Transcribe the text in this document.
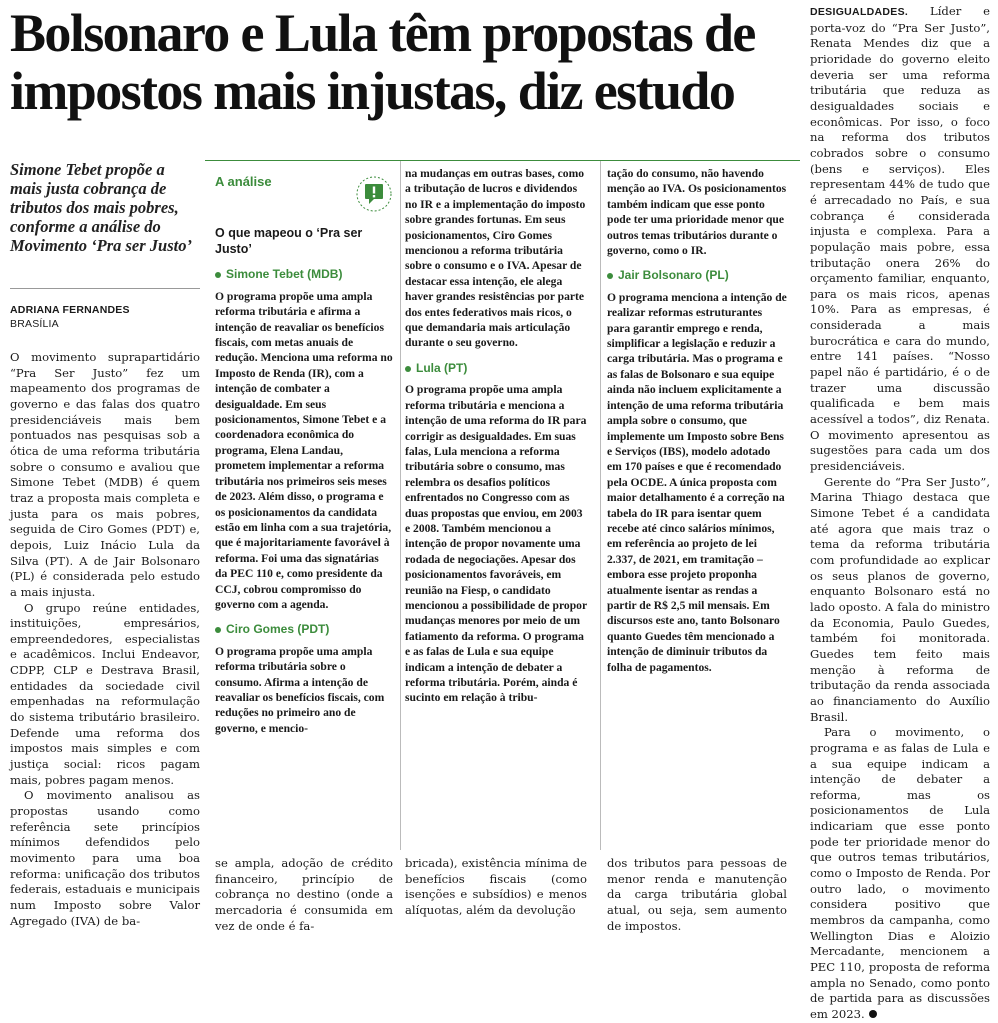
Bolsonaro e Lula têm propostas de impostos mais injustas, diz estudo
Simone Tebet propõe a mais justa cobrança de tributos dos mais pobres, conforme a análise do Movimento ‘Pra ser Justo’
ADRIANA FERNANDES
BRASÍLIA

O movimento suprapartidário “Pra Ser Justo” fez um mapeamento dos programas de governo e das falas dos quatro presidenciáveis mais bem pontuados nas pesquisas sob a ótica de uma reforma tributária sobre o consumo e avaliou que Simone Tebet (MDB) é quem traz a proposta mais completa e justa para os mais pobres, seguida de Ciro Gomes (PDT) e, depois, Luiz Inácio Lula da Silva (PT). A de Jair Bolsonaro (PL) é considerada pelo estudo a mais injusta.

O grupo reúne entidades, instituições, empresários, empreendedores, especialistas e acadêmicos. Inclui Endeavor, CDPP, CLP e Destrava Brasil, entidades da sociedade civil empenhadas na reformulação do sistema tributário brasileiro. Defende uma reforma dos impostos mais simples e com justiça social: ricos pagam mais, pobres pagam menos.

O movimento analisou as propostas usando como referência sete princípios mínimos defendidos pelo movimento para uma boa reforma: unificação dos tributos federais, estaduais e municipais num Imposto sobre Valor Agregado (IVA) de ba-

A análise
O que mapeou o ‘Pra ser Justo’
Simone Tebet (MDB)

O programa propõe uma ampla reforma tributária e afirma a intenção de reavaliar os benefícios fiscais, com metas anuais de redução. Menciona uma reforma no Imposto de Renda (IR), com a intenção de combater a desigualdade. Em seus posicionamentos, Simone Tebet e a coordenadora econômica do programa, Elena Landau, prometem implementar a reforma tributária nos primeiros seis meses de 2023. Além disso, o programa e os posicionamentos da candidata estão em linha com a sua trajetória, que é majoritariamente favorável à reforma. Foi uma das signatárias da PEC 110 e, como presidente da CCJ, cobrou compromisso do governo com a agenda.

Ciro Gomes (PDT)

O programa propõe uma ampla reforma tributária sobre o consumo. Afirma a intenção de reavaliar os benefícios fiscais, com reduções no primeiro ano de governo, e mencio-

na mudanças em outras bases, como a tributação de lucros e dividendos no IR e a implementação do imposto sobre grandes fortunas. Em seus posicionamentos, Ciro Gomes mencionou a reforma tributária sobre o consumo e o IVA. Apesar de destacar essa intenção, ele alega haver grandes resistências por parte dos entes federativos mais ricos, o que demandaria mais articulação durante o seu governo.

Lula (PT)

O programa propõe uma ampla reforma tributária e menciona a intenção de uma reforma do IR para corrigir as desigualdades. Em suas falas, Lula menciona a reforma tributária sobre o consumo, mas relembra os desafios políticos enfrentados no Congresso com as duas propostas que enviou, em 2003 e 2008. Também mencionou a intenção de propor novamente uma rodada de negociações. Apesar dos posicionamentos favoráveis, em reunião na Fiesp, o candidato mencionou a possibilidade de propor mudanças menores por meio de um fatiamento da reforma. O programa e as falas de Lula e sua equipe indicam a intenção de debater a reforma tributária. Porém, ainda é sucinto em relação à tribu-

tação do consumo, não havendo menção ao IVA. Os posicionamentos também indicam que esse ponto pode ter uma prioridade menor que outros temas tributários durante o governo, como o IR.

Jair Bolsonaro (PL)

O programa menciona a intenção de realizar reformas estruturantes para garantir emprego e renda, simplificar a legislação e reduzir a carga tributária. Mas o programa e as falas de Bolsonaro e sua equipe ainda não incluem explicitamente a intenção de uma reforma tributária ampla sobre o consumo, que implemente um Imposto sobre Bens e Serviços (IBS), modelo adotado em 170 países e que é recomendado pela OCDE. A única proposta com maior detalhamento é a correção na tabela do IR para isentar quem recebe até cinco salários mínimos, em referência ao projeto de lei 2.337, de 2021, em tramitação – embora esse projeto proponha atualmente isentar as rendas a partir de R$ 2,5 mil mensais. Em discursos este ano, tanto Bolsonaro quanto Guedes têm mencionado a intenção de diminuir tributos da folha de pagamentos.

se ampla, adoção de crédito financeiro, princípio de cobrança no destino (onde a mercadoria é consumida em vez de onde é fa-
bricada), existência mínima de benefícios fiscais (como isenções e subsídios) e menos alíquotas, além da devolução
dos tributos para pessoas de menor renda e manutenção da carga tributária global atual, ou seja, sem aumento de impostos.

DESIGUALDADES. Líder e porta-voz do “Pra Ser Justo”, Renata Mendes diz que a prioridade do governo eleito deveria ser uma reforma tributária que reduza as desigualdades sociais e econômicas. Por isso, o foco na reforma dos tributos cobrados sobre o consumo (bens e serviços). Eles representam 44% de tudo que é arrecadado no País, e sua cobrança é considerada injusta e complexa. Para a população mais pobre, essa tributação onera 26% do orçamento familiar, enquanto, para os mais ricos, apenas 10%. Para as empresas, é considerada a mais burocrática e cara do mundo, entre 141 países. “Nosso papel não é partidário, é o de trazer uma discussão qualificada e bem mais acessível a todos”, diz Renata. O movimento apresentou as sugestões para cada um dos presidenciáveis.

Gerente do “Pra Ser Justo”, Marina Thiago destaca que Simone Tebet é a candidata até agora que mais traz o tema da reforma tributária com profundidade ao explicar os seus planos de governo, enquanto Bolsonaro está no lado oposto. A fala do ministro da Economia, Paulo Guedes, também foi monitorada. Guedes tem feito mais menção à reforma de tributação da renda associada ao financiamento do Auxílio Brasil.

Para o movimento, o programa e as falas de Lula e a sua equipe indicam a intenção de debater a reforma, mas os posicionamentos de Lula indicariam que esse ponto pode ter prioridade menor do que outros temas tributários, como o Imposto de Renda. Por outro lado, o movimento considera positivo que membros da campanha, como Wellington Dias e Aloizio Mercadante, mencionem a PEC 110, proposta de reforma ampla no Senado, como ponto de partida para as discussões em 2023.
